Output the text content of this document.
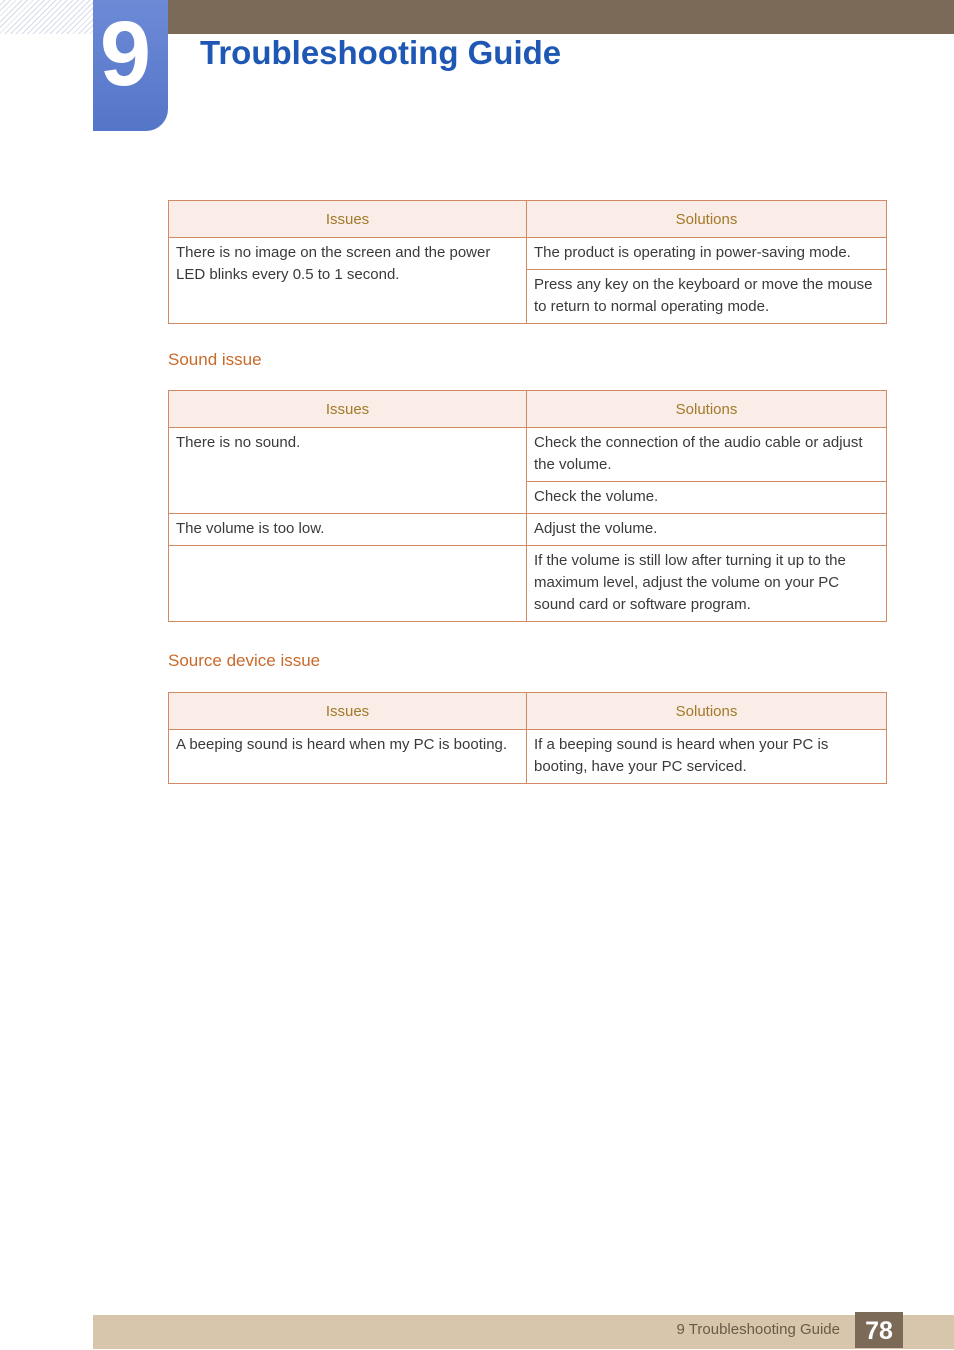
9 Troubleshooting Guide
Issues	Solutions
There is no image on the screen and the power LED blinks every 0.5 to 1 second.	The product is operating in power-saving mode.
	Press any key on the keyboard or move the mouse to return to normal operating mode.
Sound issue
Issues	Solutions
There is no sound.	Check the connection of the audio cable or adjust the volume.
	Check the volume.
The volume is too low.	Adjust the volume.
	If the volume is still low after turning it up to the maximum level, adjust the volume on your PC sound card or software program.
Source device issue
Issues	Solutions
A beeping sound is heard when my PC is booting.	If a beeping sound is heard when your PC is booting, have your PC serviced.
9 Troubleshooting Guide	78
